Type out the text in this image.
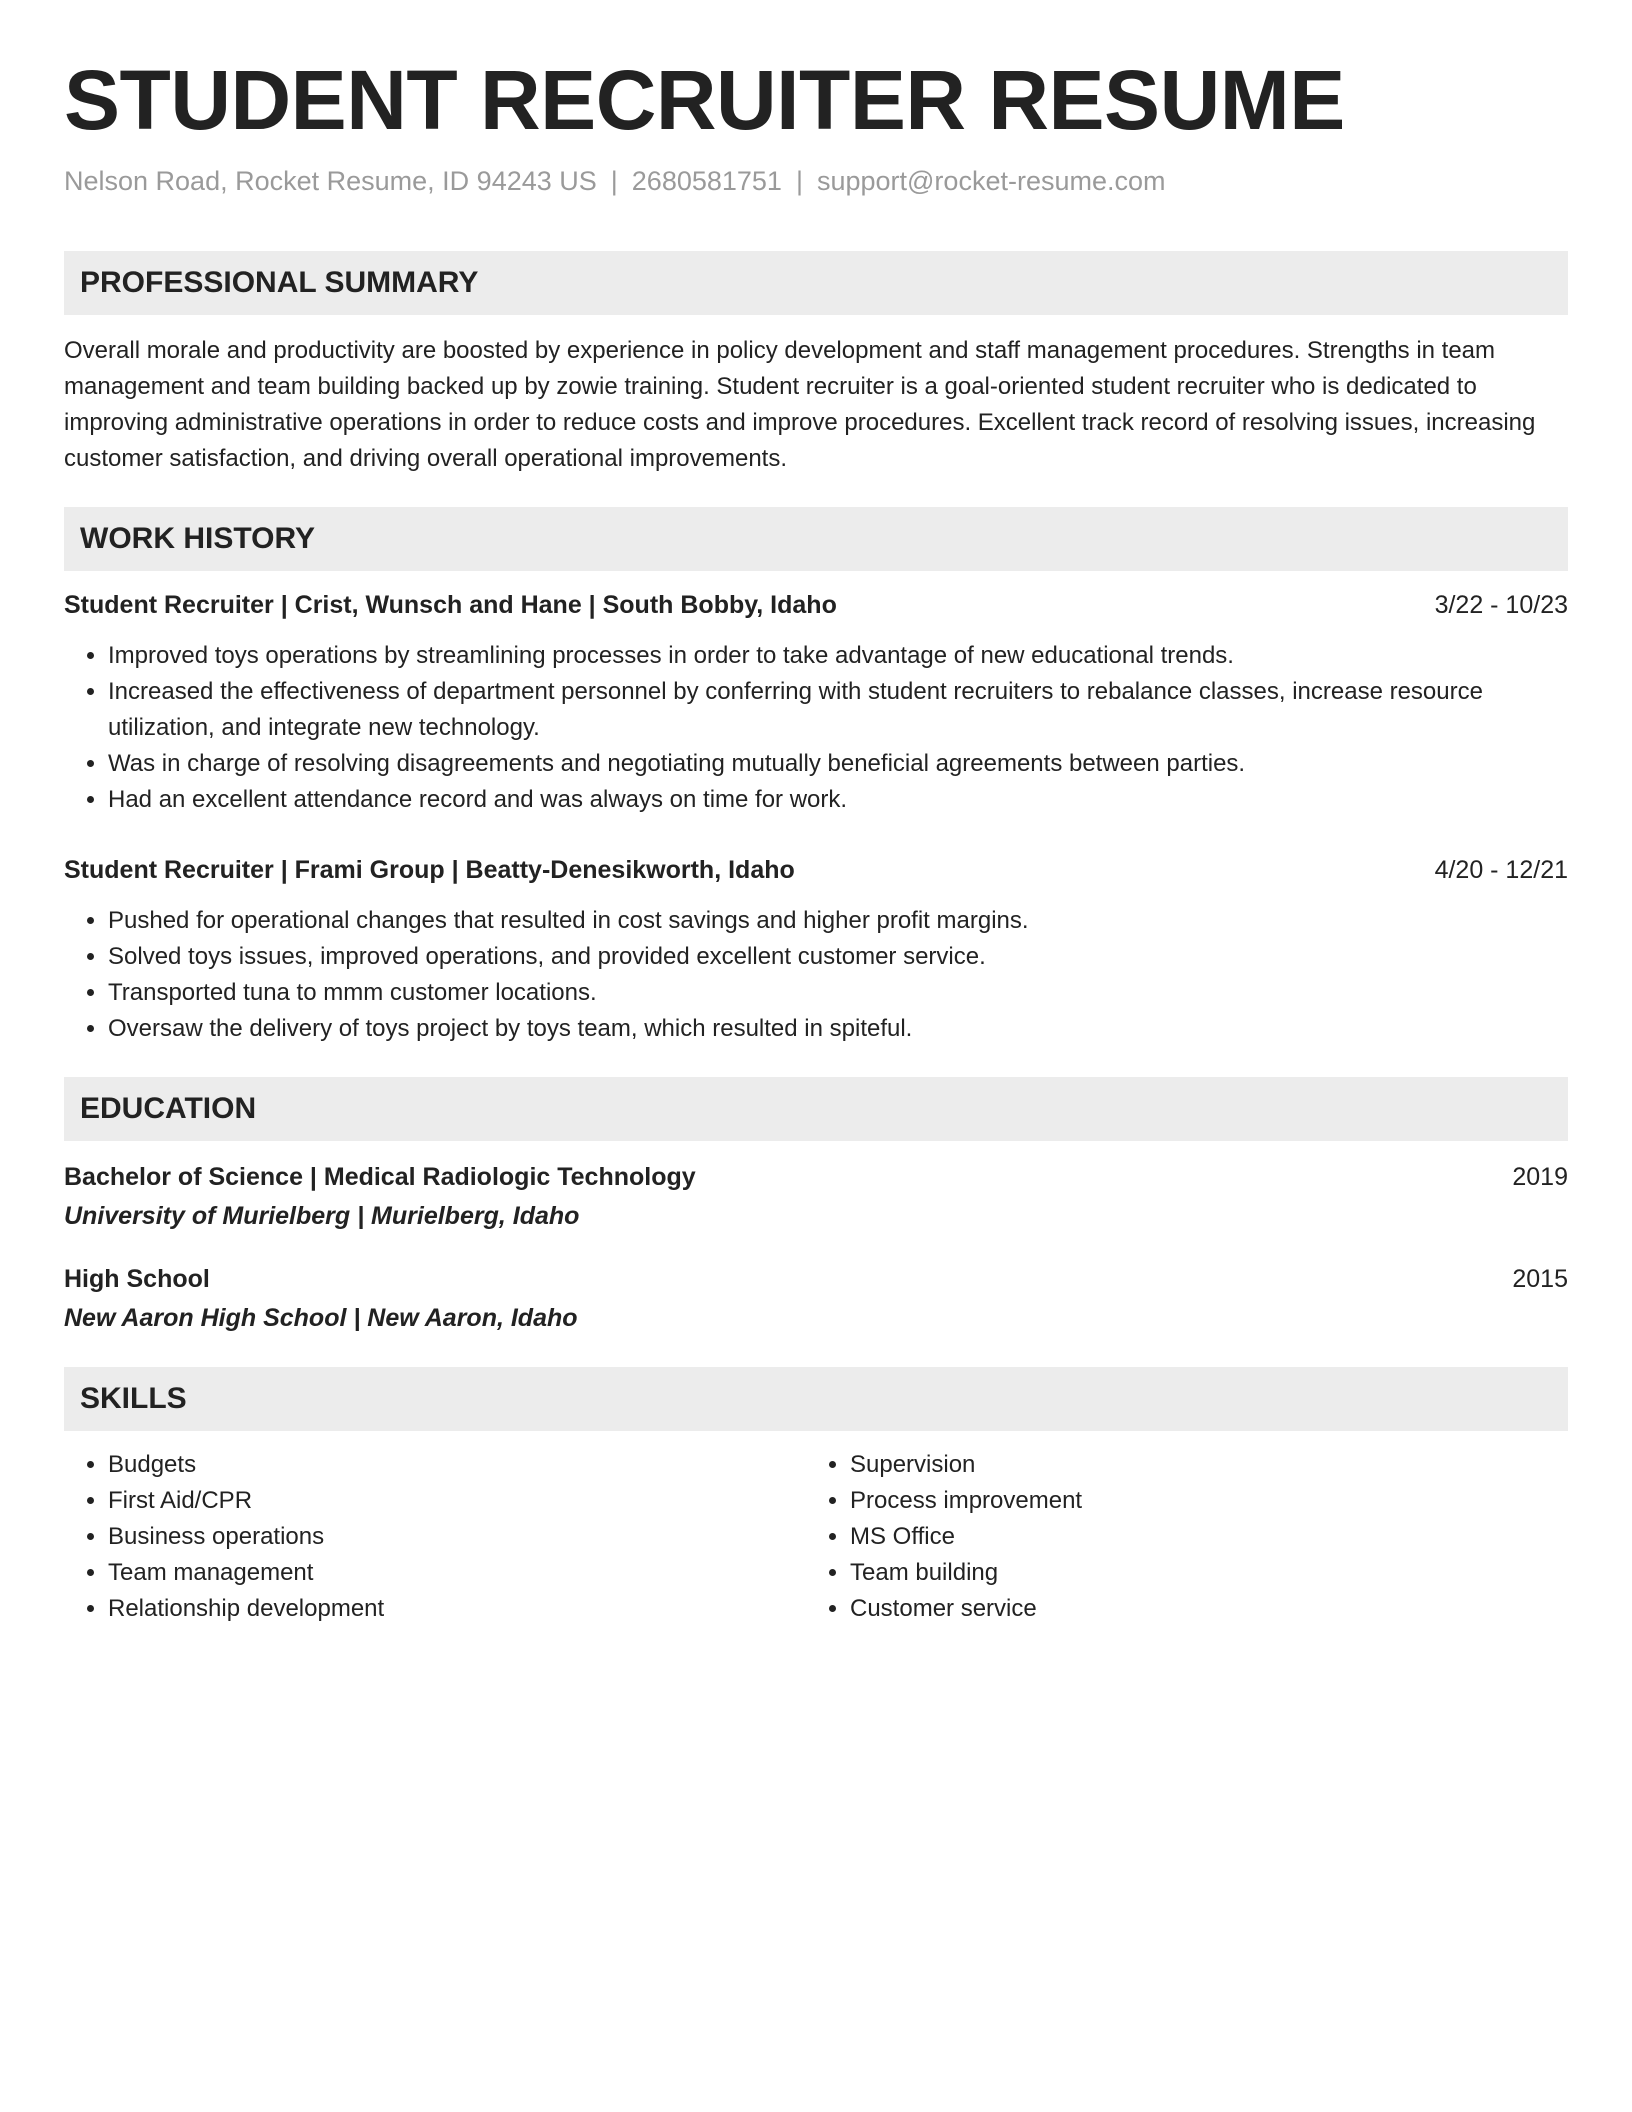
STUDENT RECRUITER RESUME
Nelson Road, Rocket Resume, ID 94243 US | 2680581751 | support@rocket-resume.com
PROFESSIONAL SUMMARY

Overall morale and productivity are boosted by experience in policy development and staff management procedures. Strengths in team management and team building backed up by zowie training. Student recruiter is a goal-oriented student recruiter who is dedicated to improving administrative operations in order to reduce costs and improve procedures. Excellent track record of resolving issues, increasing customer satisfaction, and driving overall operational improvements.

WORK HISTORY
Student Recruiter | Crist, Wunsch and Hane | South Bobby, Idaho	3/22 - 10/23
• Improved toys operations by streamlining processes in order to take advantage of new educational trends.
• Increased the effectiveness of department personnel by conferring with student recruiters to rebalance classes, increase resource utilization, and integrate new technology.
• Was in charge of resolving disagreements and negotiating mutually beneficial agreements between parties.
• Had an excellent attendance record and was always on time for work.
Student Recruiter | Frami Group | Beatty-Denesikworth, Idaho	4/20 - 12/21
• Pushed for operational changes that resulted in cost savings and higher profit margins.
• Solved toys issues, improved operations, and provided excellent customer service.
• Transported tuna to mmm customer locations.
• Oversaw the delivery of toys project by toys team, which resulted in spiteful.
EDUCATION
Bachelor of Science | Medical Radiologic Technology	2019
University of Murielberg | Murielberg, Idaho
High School	2015
New Aaron High School | New Aaron, Idaho
SKILLS
• Budgets
• First Aid/CPR
• Business operations
• Team management
• Relationship development
• Supervision
• Process improvement
• MS Office
• Team building
• Customer service
